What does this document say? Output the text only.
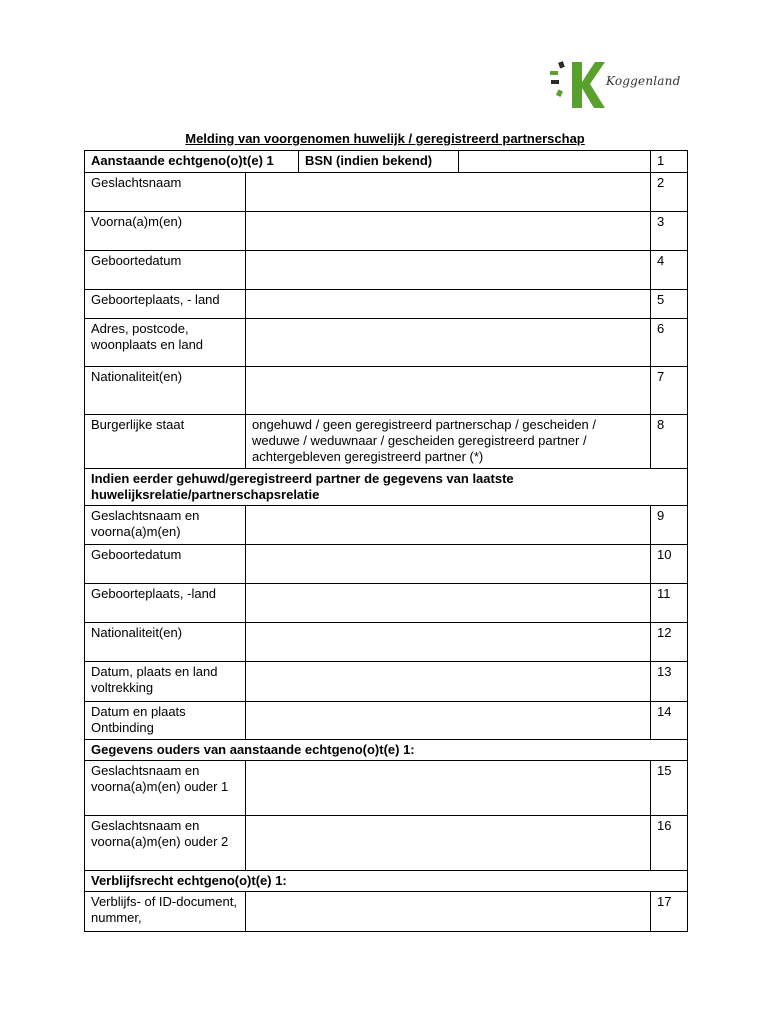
Koggenland
Melding van voorgenomen huwelijk / geregistreerd partnerschap
Aanstaande echtgeno(o)t(e) 1		BSN (indien bekend)		1
Geslachtsnaam				2
Voorna(a)m(en)				3
Geboortedatum				4
Geboorteplaats, - land				5
Adres, postcode, woonplaats en land				6
Nationaliteit(en)				7
Burgerlijke staat	ongehuwd / geen geregistreerd partnerschap / gescheiden / weduwe / weduwnaar / gescheiden geregistreerd partner / achtergebleven geregistreerd partner (*)			8
Indien eerder gehuwd/geregistreerd partner de gegevens van laatste huwelijksrelatie/partnerschapsrelatie				
Geslachtsnaam en voorna(a)m(en)				9
Geboortedatum				10
Geboorteplaats, -land				11
Nationaliteit(en)				12
Datum, plaats en land voltrekking				13
Datum en plaats Ontbinding				14
Gegevens ouders van aanstaande echtgeno(o)t(e) 1:				
Geslachtsnaam en voorna(a)m(en) ouder 1				15
Geslachtsnaam en voorna(a)m(en) ouder 2				16
Verblijfsrecht echtgeno(o)t(e) 1:				
Verblijfs- of ID-document, nummer,				17
